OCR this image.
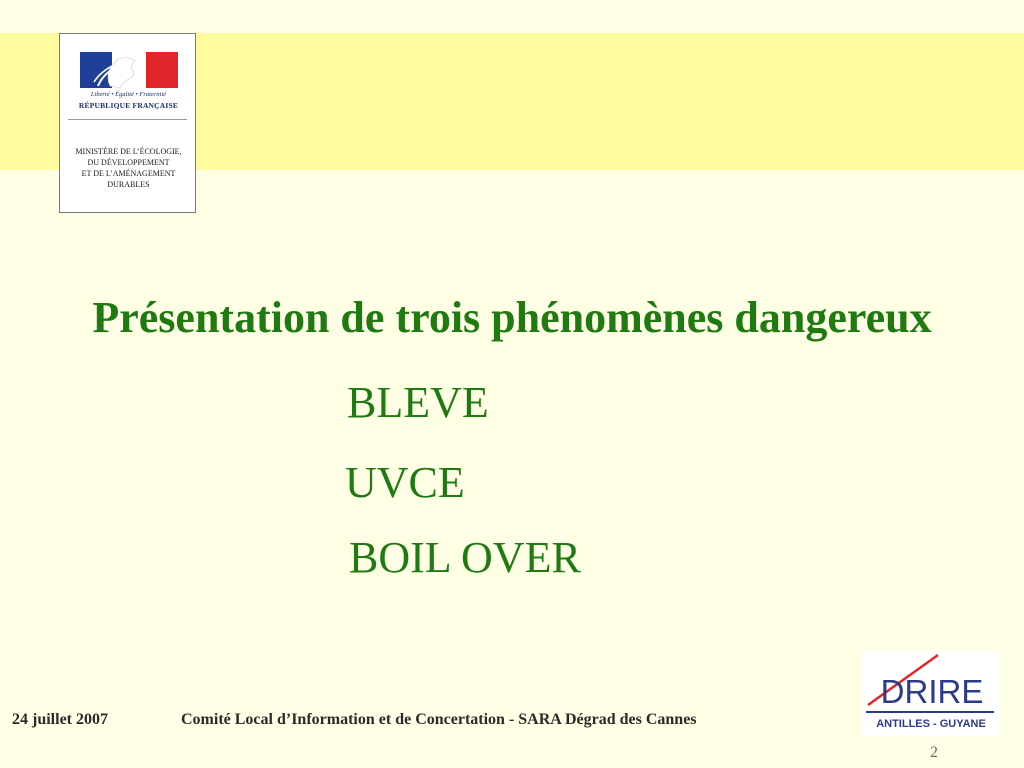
Liberté • Égalité • Fraternité
RÉPUBLIQUE FRANÇAISE
MINISTÈRE DE L’ÉCOLOGIE,
DU DÉVELOPPEMENT
ET DE L’AMÉNAGEMENT
DURABLES
Présentation de trois phénomènes dangereux
BLEVE
UVCE
BOIL OVER
24 juillet 2007	Comité Local d’Information et de Concertation - SARA Dégrad des Cannes
DRIRE
ANTILLES - GUYANE
2
